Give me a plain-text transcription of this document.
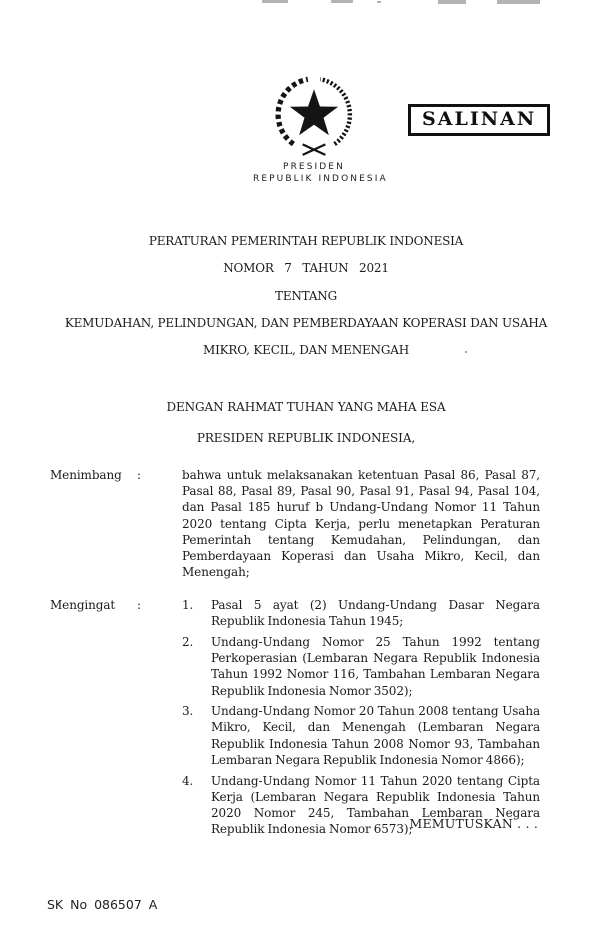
PRESIDEN
REPUBLIK INDONESIA
SALINAN
PERATURAN PEMERINTAH REPUBLIK INDONESIA
NOMOR 7 TAHUN 2021
TENTANG
KEMUDAHAN, PELINDUNGAN, DAN PEMBERDAYAAN KOPERASI DAN USAHA
MIKRO, KECIL, DAN MENENGAH
DENGAN RAHMAT TUHAN YANG MAHA ESA
PRESIDEN REPUBLIK INDONESIA,
Menimbang	:	bahwa untuk melaksanakan ketentuan Pasal 86, Pasal 87,
Pasal 88, Pasal 89, Pasal 90, Pasal 91, Pasal 94, Pasal 104,
dan Pasal 185 huruf b Undang-Undang Nomor 11 Tahun
2020 tentang Cipta Kerja, perlu menetapkan Peraturan
Pemerintah tentang Kemudahan, Pelindungan, dan
Pemberdayaan Koperasi dan Usaha Mikro, Kecil, dan
Menengah;
Mengingat	:	1.	Pasal 5 ayat (2) Undang-Undang Dasar Negara
Republik Indonesia Tahun 1945;
2.	Undang-Undang Nomor 25 Tahun 1992 tentang
Perkoperasian (Lembaran Negara Republik Indonesia
Tahun 1992 Nomor 116, Tambahan Lembaran Negara
Republik Indonesia Nomor 3502);
3.	Undang-Undang Nomor 20 Tahun 2008 tentang Usaha
Mikro, Kecil, dan Menengah (Lembaran Negara
Republik Indonesia Tahun 2008 Nomor 93, Tambahan
Lembaran Negara Republik Indonesia Nomor 4866);
4.	Undang-Undang Nomor 11 Tahun 2020 tentang Cipta
Kerja (Lembaran Negara Republik Indonesia Tahun
2020 Nomor 245, Tambahan Lembaran Negara
Republik Indonesia Nomor 6573);
MEMUTUSKAN . . .
SK No 086507 A
